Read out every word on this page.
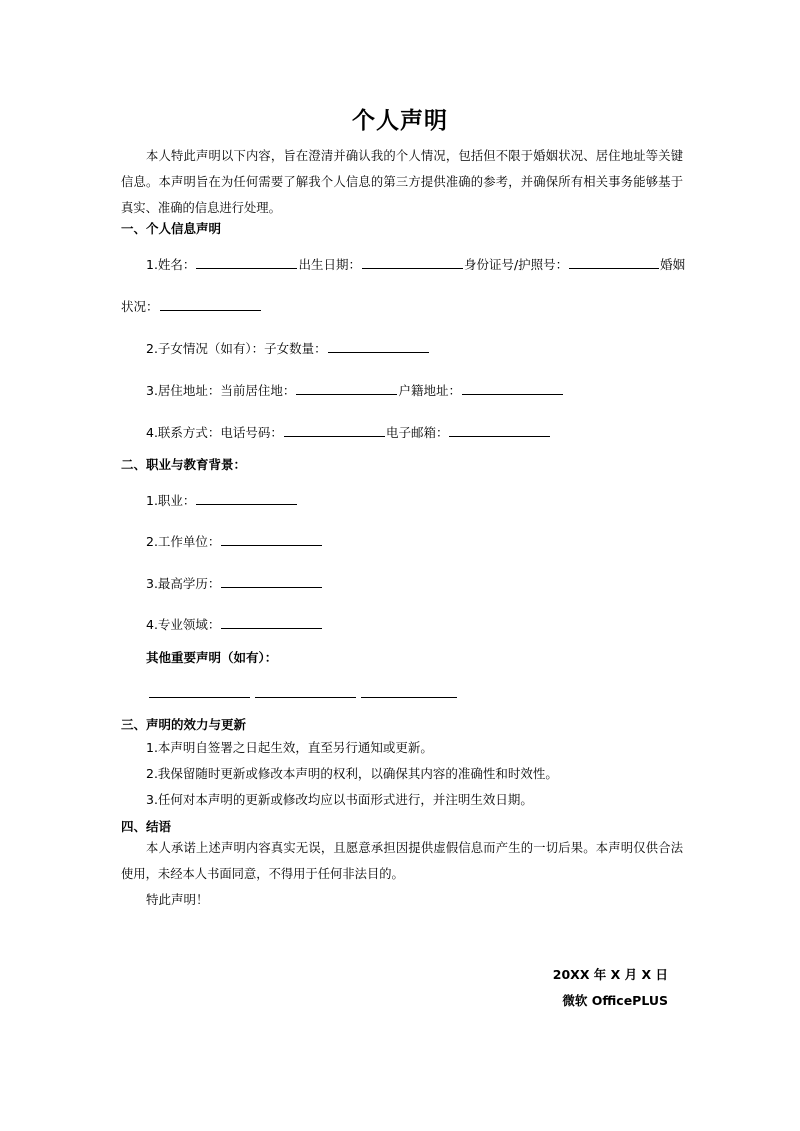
个人声明
本人特此声明以下内容，旨在澄清并确认我的个人情况，包括但不限于婚姻状况、居住地址等关键信息。本声明旨在为任何需要了解我个人信息的第三方提供准确的参考，并确保所有相关事务能够基于真实、准确的信息进行处理。
一、个人信息声明
1.姓名：	出生日期：	身份证号/护照号：	婚姻
状况：
2.子女情况（如有）：子女数量：
3.居住地址：当前居住地：	户籍地址：
4.联系方式：电话号码：	电子邮箱：
二、职业与教育背景：
1.职业：
2.工作单位：
3.最高学历：
4.专业领域：
其他重要声明（如有）：
三、声明的效力与更新
1.本声明自签署之日起生效，直至另行通知或更新。
2.我保留随时更新或修改本声明的权利，以确保其内容的准确性和时效性。
3.任何对本声明的更新或修改均应以书面形式进行，并注明生效日期。
四、结语
本人承诺上述声明内容真实无误，且愿意承担因提供虚假信息而产生的一切后果。本声明仅供合法使用，未经本人书面同意，不得用于任何非法目的。
特此声明！
20XX 年 X 月 X 日
微软 OfficePLUS
